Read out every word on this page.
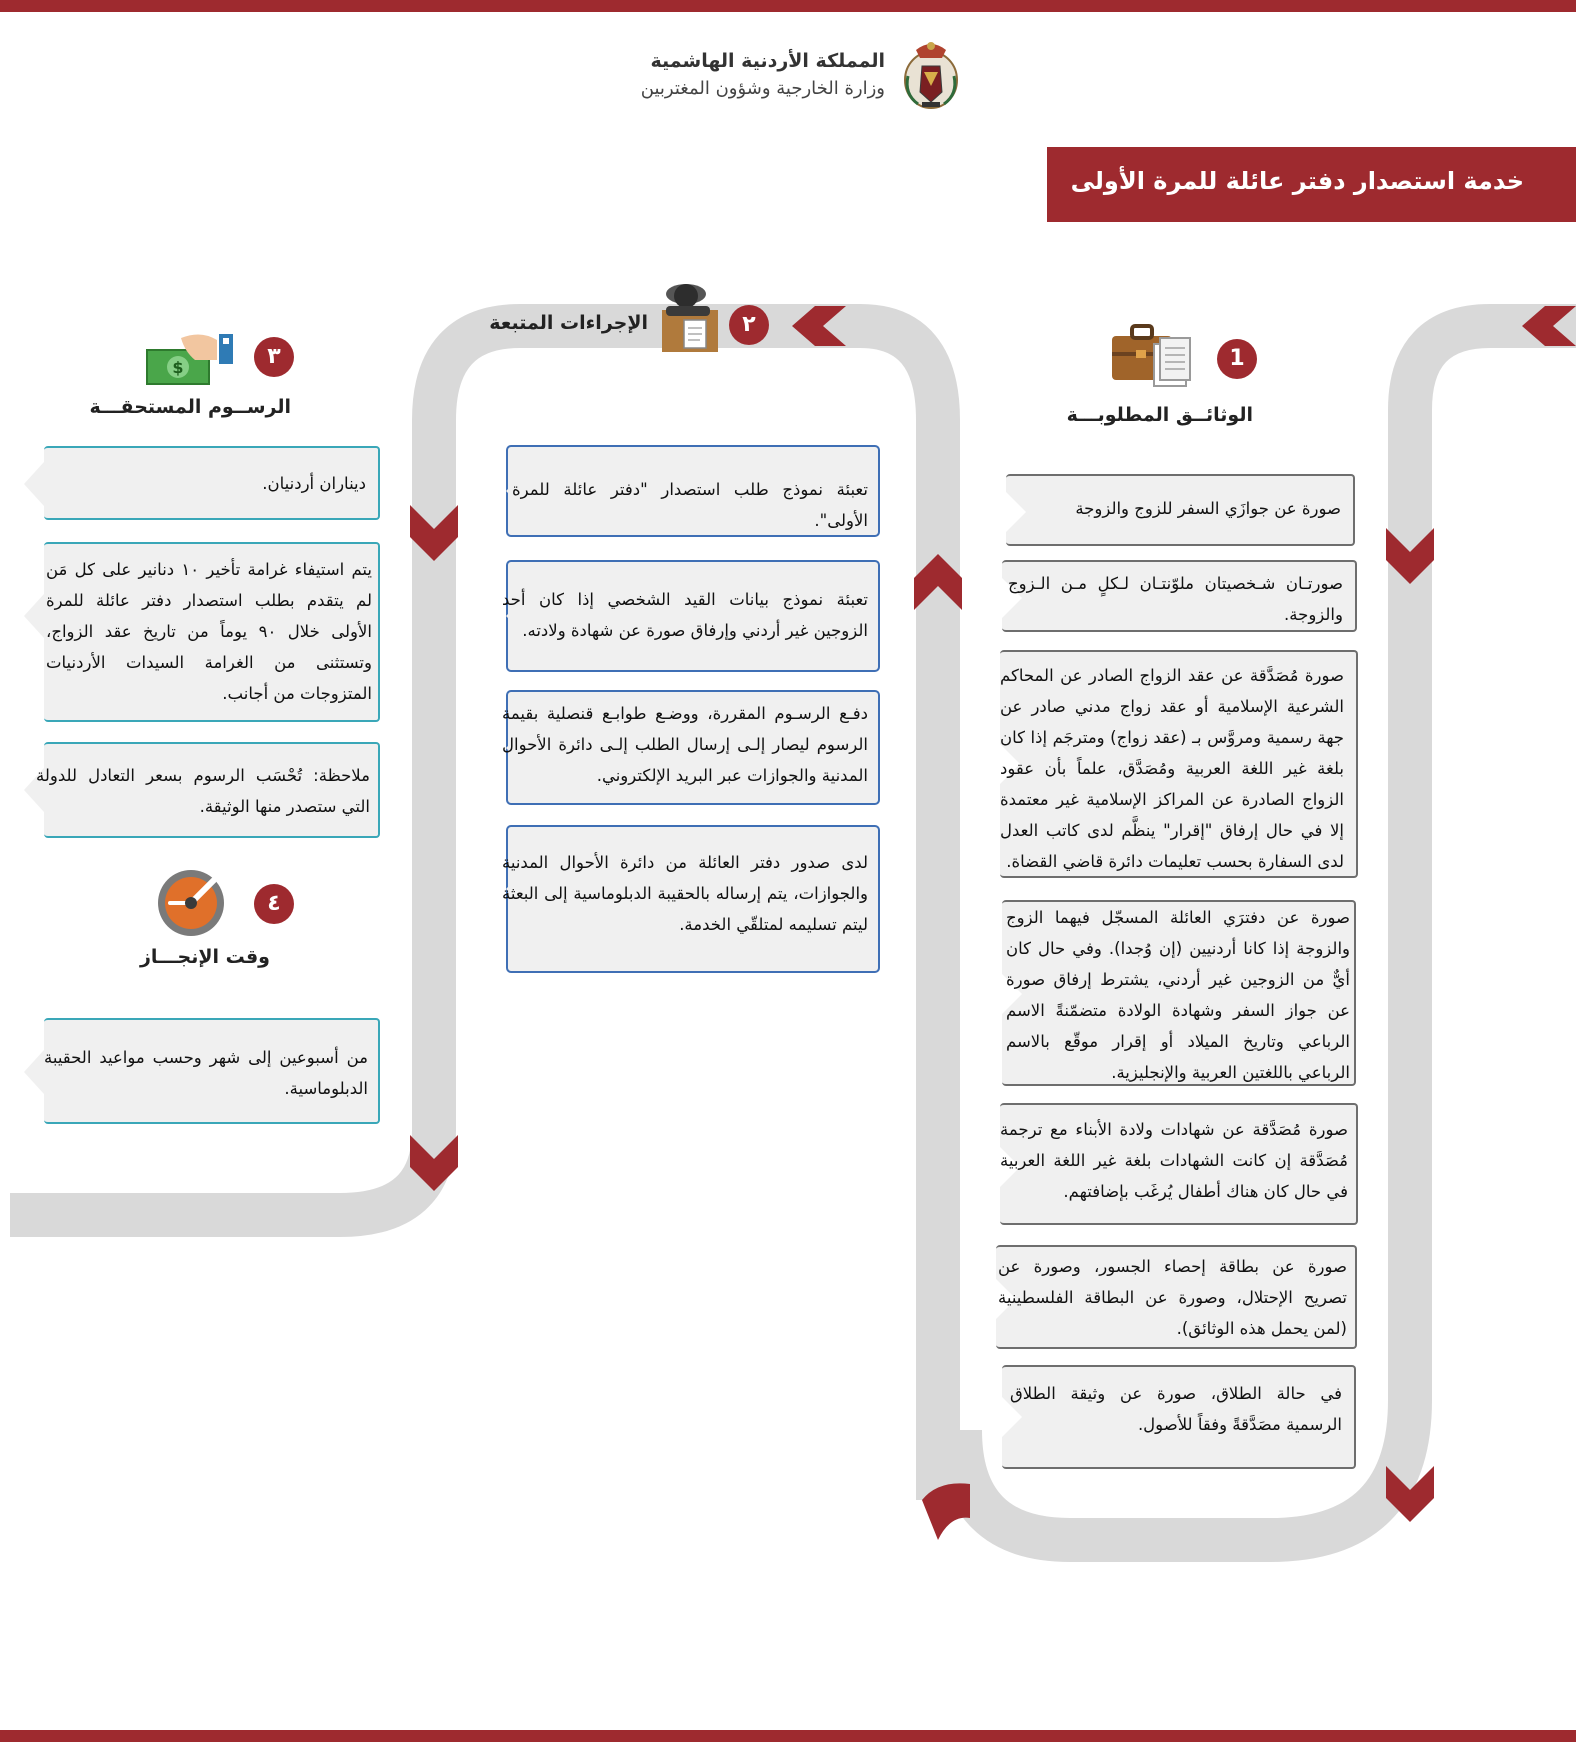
المملكة الأردنية الهاشمية
وزارة الخارجية وشؤون المغتربين
خدمة استصدار دفتر عائلة للمرة الأولى
1
الوثائــق المطلوبـــة
صورة عن جوازَي السفر للزوج والزوجة
صورتـان شـخصيتان ملوّنتـان لـكلٍ مـن الـزوج والزوجة.
صورة مُصَدَّقة عن عقد الزواج الصادر عن المحاكم الشرعية الإسلامية أو عقد زواج مدني صادر عن جهة رسمية ومروَّس بـ (عقد زواج) ومترجَم إذا كان بلغة غير اللغة العربية ومُصَدَّق، علماً بأن عقود الزواج الصادرة عن المراكز الإسلامية غير معتمدة إلا في حال إرفاق "إقرار" ينظَّم لدى كاتب العدل لدى السفارة بحسب تعليمات دائرة قاضي القضاة.
صورة عن دفترَي العائلة المسجّل فيهما الزوج والزوجة إذا كانا أردنيين (إن وُجدا). وفي حال كان أيٌّ من الزوجين غير أردني، يشترط إرفاق صورة عن جواز السفر وشهادة الولادة متضمّنةً الاسم الرباعي وتاريخ الميلاد أو إقرار موقّع بالاسم الرباعي باللغتين العربية والإنجليزية.
صورة مُصَدَّقة عن شهادات ولادة الأبناء مع ترجمة مُصَدَّقة إن كانت الشهادات بلغة غير اللغة العربية في حال كان هناك أطفال يُرغَب بإضافتهم.
صورة عن بطاقة إحصاء الجسور، وصورة عن تصريح الإحتلال، وصورة عن البطاقة الفلسطينية (لمن يحمل هذه الوثائق).
في حالة الطلاق، صورة عن وثيقة الطلاق الرسمية مصَدَّقةً وفقاً للأصول.
٢
الإجراءات المتبعة
تعبئة نموذج طلب استصدار "دفتر عائلة للمرة الأولى".
تعبئة نموذج بيانات القيد الشخصي إذا كان أحد الزوجين غير أردني وإرفاق صورة عن شهادة ولادته.
دفـع الرسـوم المقررة، ووضـع طوابـع قنصلية بقيمة الرسوم ليصار إلـى إرسال الطلب إلـى دائرة الأحوال المدنية والجوازات عبر البريد الإلكتروني.
لدى صدور دفتر العائلة من دائرة الأحوال المدنية والجوازات، يتم إرساله بالحقيبة الدبلوماسية إلى البعثة ليتم تسليمه لمتلقّي الخدمة.
$	٣
الرســوم المستحقـــة
ديناران أردنيان.
يتم استيفاء غرامة تأخير ١٠ دنانير على كل مَن لم يتقدم بطلب استصدار دفتر عائلة للمرة الأولى خلال ٩٠ يوماً من تاريخ عقد الزواج، وتستثنى من الغرامة السيدات الأردنيات المتزوجات من أجانب.
ملاحظة: تُحْسَب الرسوم بسعر التعادل للدولة التي ستصدر منها الوثيقة.
٤
وقت الإنجـــاز
من أسبوعين إلى شهر وحسب مواعيد الحقيبة الدبلوماسية.
